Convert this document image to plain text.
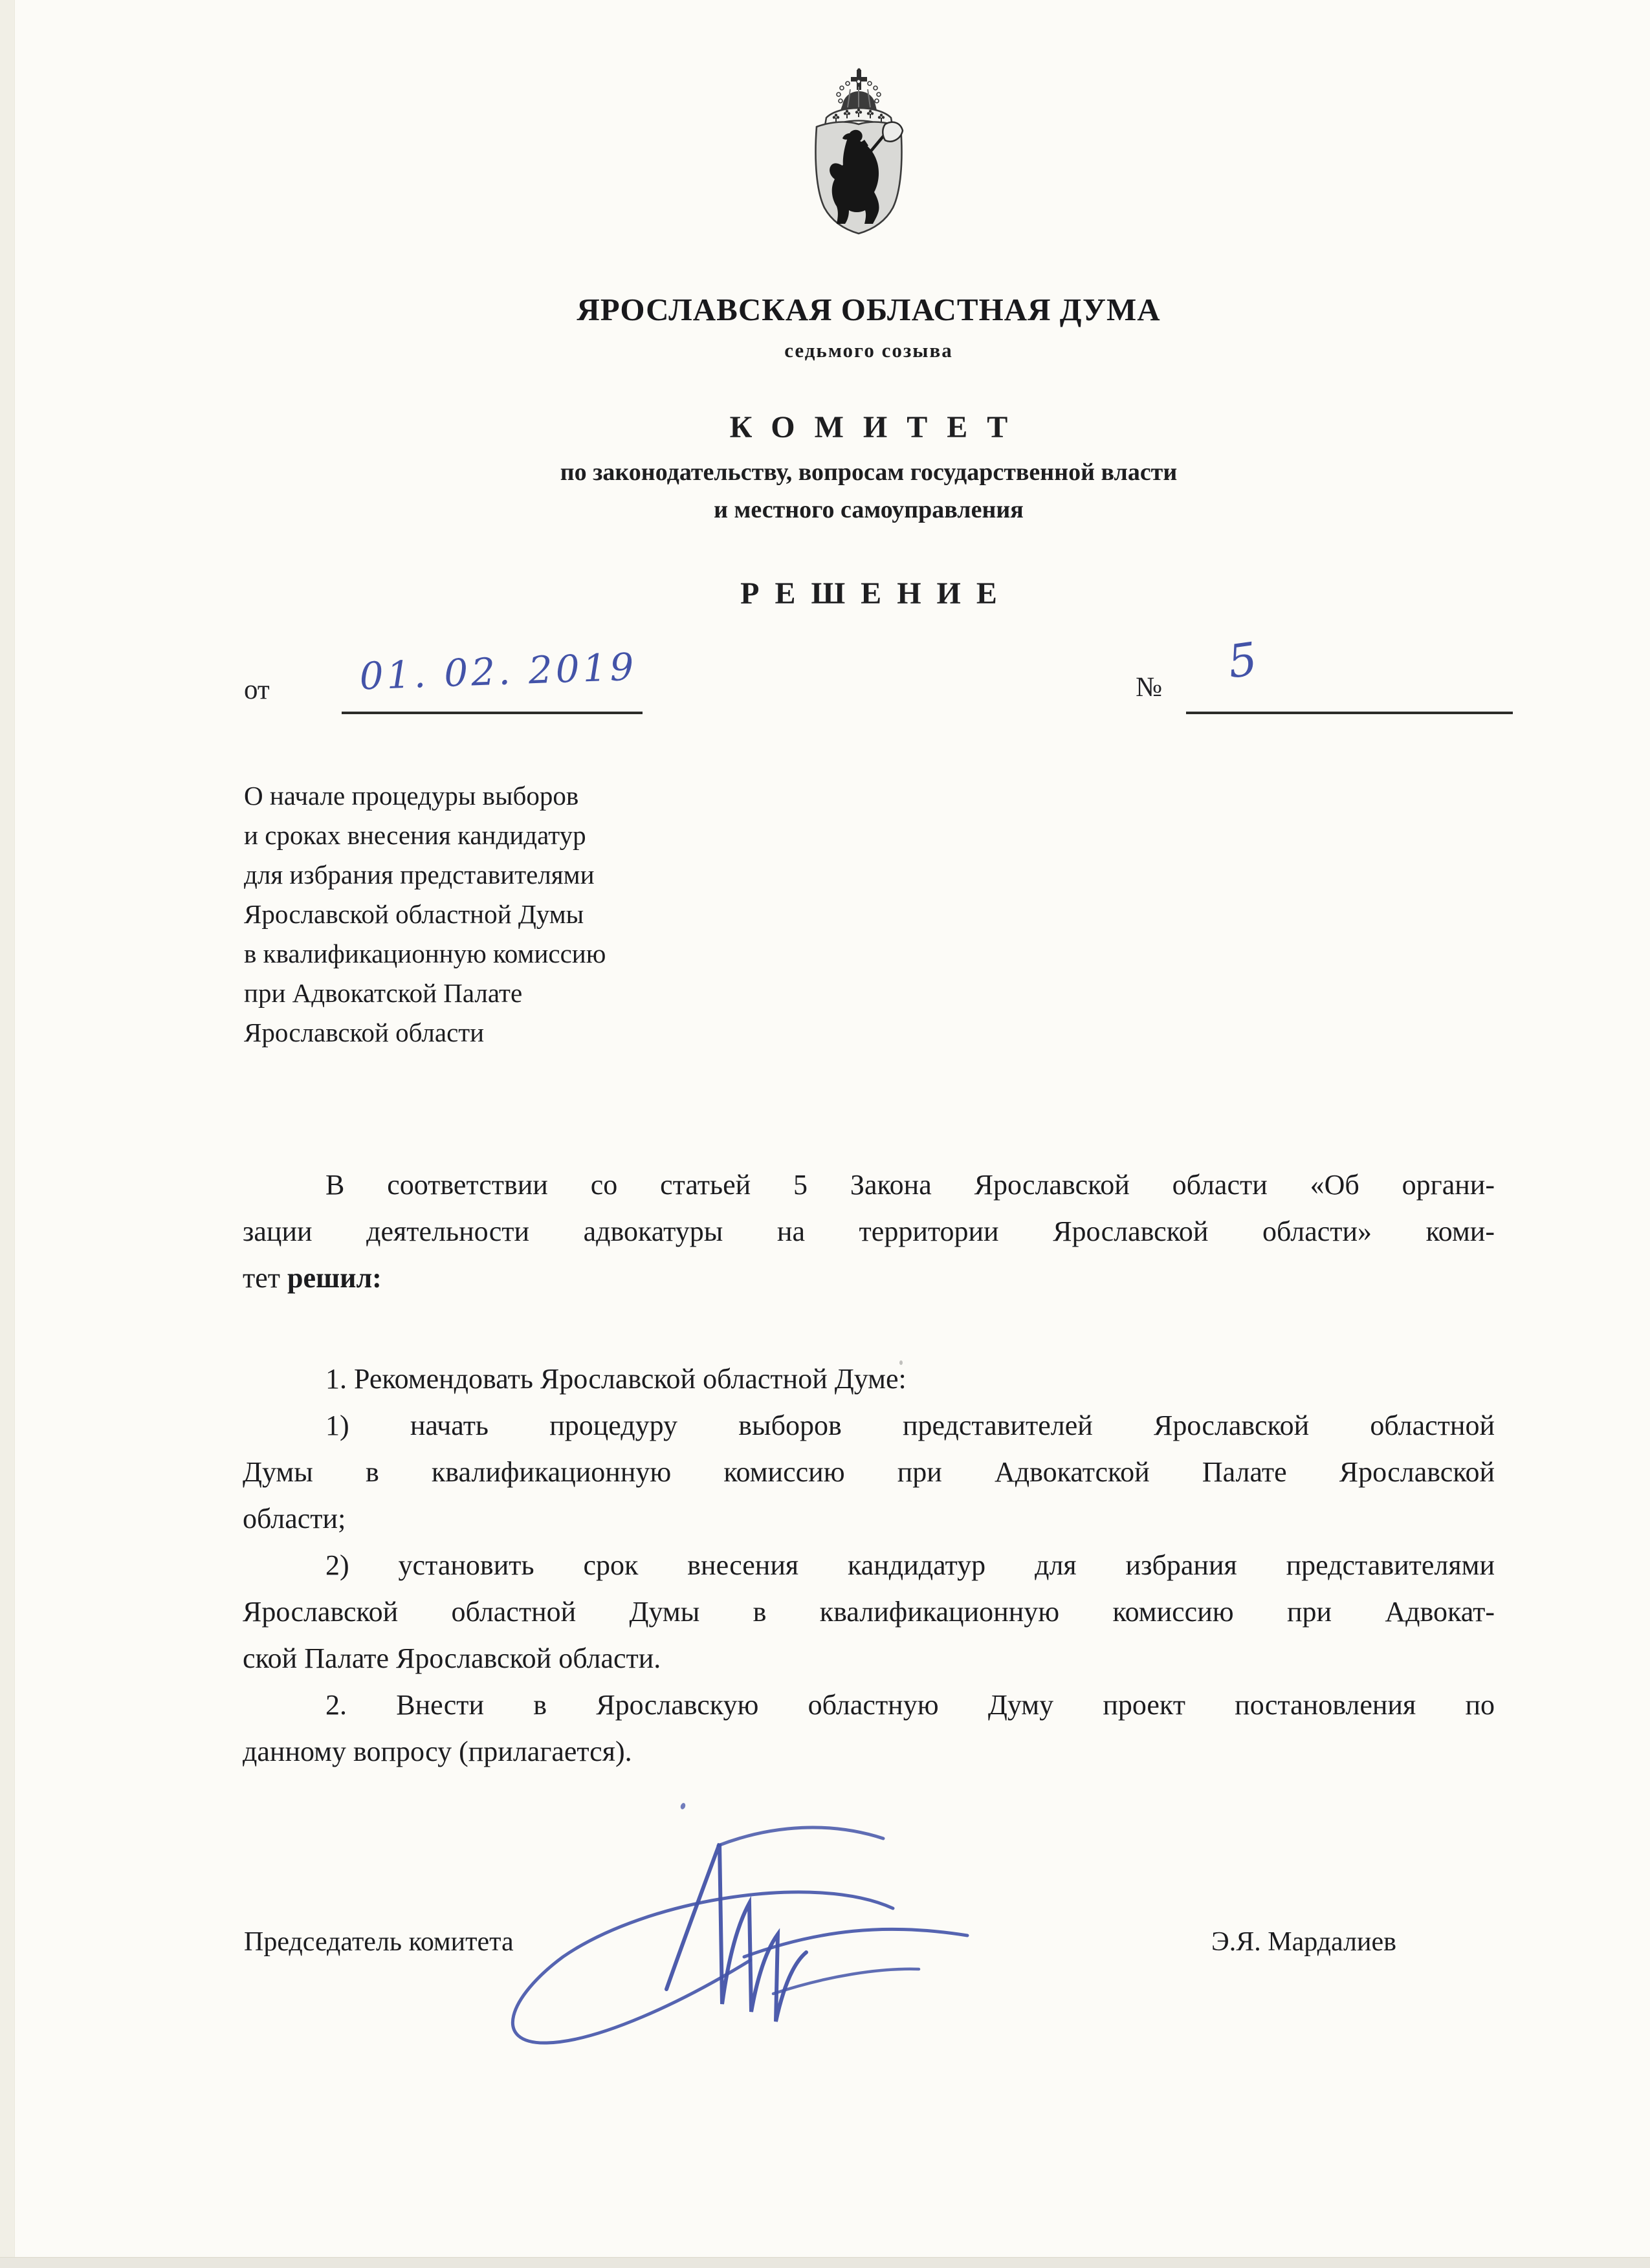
ЯРОСЛАВСКАЯ ОБЛАСТНАЯ ДУМА
седьмого созыва
КОМИТЕТ
по законодательству, вопросам государственной власти
и местного самоуправления
РЕШЕНИЕ
от 01. 02. 2019	№ 5
О начале процедуры выборов
и сроках внесения кандидатур
для избрания представителями
Ярославской областной Думы
в квалификационную комиссию
при Адвокатской Палате
Ярославской области
В соответствии со статьей 5 Закона Ярославской области «Об органи-
зации деятельности адвокатуры на территории Ярославской области» коми-
тет решил:
1. Рекомендовать Ярославской областной Думе:
1) начать процедуру выборов представителей Ярославской областной
Думы в квалификационную комиссию при Адвокатской Палате Ярославской
области;
2) установить срок внесения кандидатур для избрания представителями
Ярославской областной Думы в квалификационную комиссию при Адвокат-
ской Палате Ярославской области.
2. Внести в Ярославскую областную Думу проект постановления по
данному вопросу (прилагается).
Председатель комитета	Э.Я. Мардалиев
